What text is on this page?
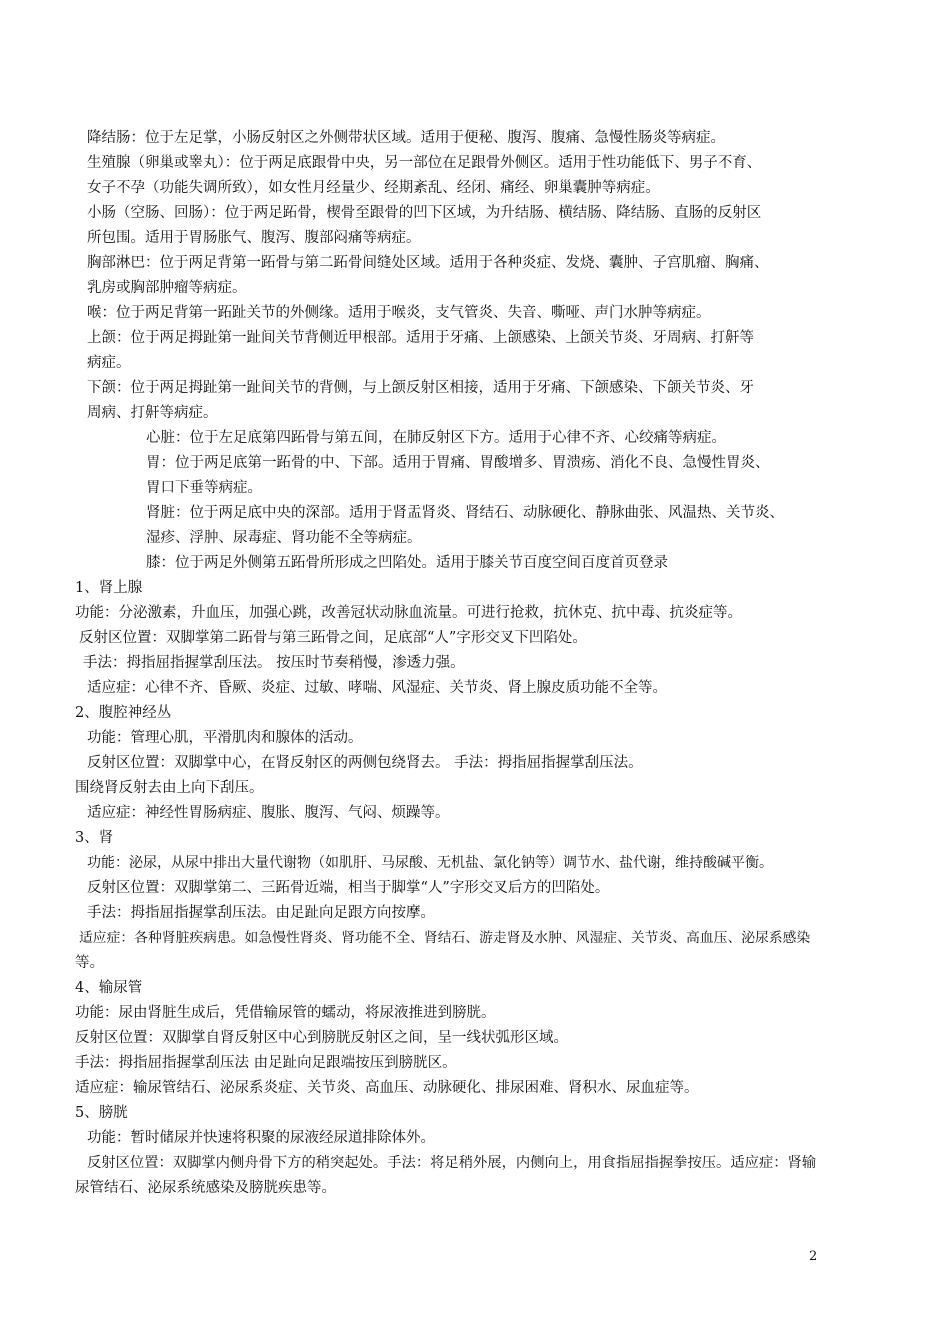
降结肠：位于左足掌，小肠反射区之外侧带状区域。适用于便秘、腹泻、腹痛、急慢性肠炎等病症。
生殖腺（卵巢或睾丸）：位于两足底跟骨中央，另一部位在足跟骨外侧区。适用于性功能低下、男子不育、
女子不孕（功能失调所致），如女性月经量少、经期紊乱、经闭、痛经、卵巢囊肿等病症。
小肠（空肠、回肠）：位于两足跖骨，楔骨至跟骨的凹下区域，为升结肠、横结肠、降结肠、直肠的反射区
所包围。适用于胃肠胀气、腹泻、腹部闷痛等病症。
胸部淋巴：位于两足背第一跖骨与第二跖骨间缝处区域。适用于各种炎症、发烧、囊肿、子宫肌瘤、胸痛、
乳房或胸部肿瘤等病症。
喉：位于两足背第一跖趾关节的外侧缘。适用于喉炎，支气管炎、失音、嘶哑、声门水肿等病症。
上颌：位于两足拇趾第一趾间关节背侧近甲根部。适用于牙痛、上颌感染、上颌关节炎、牙周病、打鼾等
病症。
下颌：位于两足拇趾第一趾间关节的背侧，与上颌反射区相接，适用于牙痛、下颌感染、下颌关节炎、牙
周病、打鼾等病症。
心脏：位于左足底第四跖骨与第五间，在肺反射区下方。适用于心律不齐、心绞痛等病症。
胃：位于两足底第一跖骨的中、下部。适用于胃痛、胃酸增多、胃溃疡、消化不良、急慢性胃炎、
胃口下垂等病症。
肾脏：位于两足底中央的深部。适用于肾盂肾炎、肾结石、动脉硬化、静脉曲张、风温热、关节炎、
湿疹、浮肿、尿毒症、肾功能不全等病症。
膝：位于两足外侧第五跖骨所形成之凹陷处。适用于膝关节百度空间百度首页登录
1、肾上腺
功能：分泌激素，升血压，加强心跳，改善冠状动脉血流量。可进行抢救，抗休克、抗中毒、抗炎症等。
反射区位置：双脚掌第二跖骨与第三跖骨之间，足底部“人”字形交叉下凹陷处。
手法：拇指屈指握掌刮压法。 按压时节奏稍慢，渗透力强。
适应症：心律不齐、昏厥、炎症、过敏、哮喘、风湿症、关节炎、肾上腺皮质功能不全等。
2、腹腔神经丛
功能：管理心肌，平滑肌肉和腺体的活动。
反射区位置：双脚掌中心，在肾反射区的两侧包绕肾去。 手法：拇指屈指握掌刮压法。
围绕肾反射去由上向下刮压。
适应症：神经性胃肠病症、腹胀、腹泻、气闷、烦躁等。
3、肾
功能：泌尿，从尿中排出大量代谢物（如肌肝、马尿酸、无机盐、氯化钠等）调节水、盐代谢，维持酸碱平衡。
反射区位置：双脚掌第二、三跖骨近端，相当于脚掌“人”字形交叉后方的凹陷处。
手法：拇指屈指握掌刮压法。由足趾向足跟方向按摩。
适应症：各种肾脏疾病患。如急慢性肾炎、肾功能不全、肾结石、游走肾及水肿、风湿症、关节炎、高血压、泌尿系感染
等。
4、输尿管
功能：尿由肾脏生成后，凭借输尿管的蠕动，将尿液推进到膀胱。
反射区位置：双脚掌自肾反射区中心到膀胱反射区之间，呈一线状弧形区域。
手法：拇指屈指握掌刮压法 由足趾向足跟端按压到膀胱区。
适应症：输尿管结石、泌尿系炎症、关节炎、高血压、动脉硬化、排尿困难、肾积水、尿血症等。
5、膀胱
功能：暂时储尿并快速将积聚的尿液经尿道排除体外。
反射区位置：双脚掌内侧舟骨下方的稍突起处。手法：将足稍外展，内侧向上，用食指屈指握拳按压。适应症：肾输
尿管结石、泌尿系统感染及膀胱疾患等。
2
